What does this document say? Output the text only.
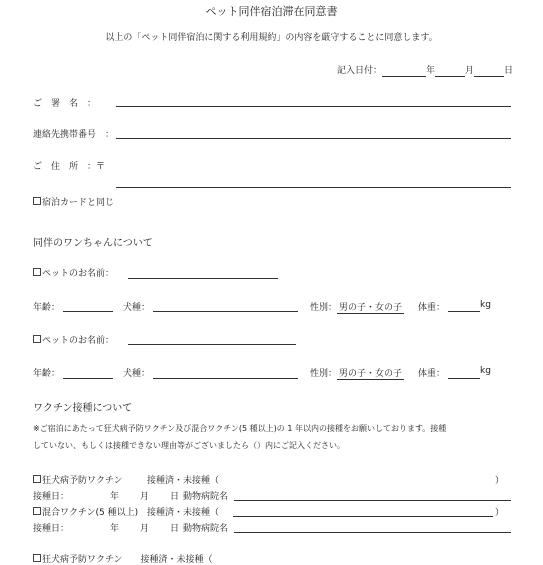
ペット同伴宿泊滞在同意書
以上の「ペット同伴宿泊に関する利用規約」の内容を厳守することに同意します。
記入日付：	年	月	日
ご　署　名　：
連絡先携帯番号　：
ご　住　所　：〒
宿泊カードと同じ
同伴のワンちゃんについて
ペットのお名前：
年齢：	犬種：	性別： 男の子・女の子 体重：	kg
ペットのお名前：
年齢：	犬種：	性別： 男の子・女の子 体重：	kg
ワクチン接種について
※ご宿泊にあたって狂犬病予防ワクチン及び混合ワクチン(5 種以上)の 1 年以内の接種をお願いしております。接種
していない、もしくは接種できない理由等がございましたら（）内にご記入ください。
狂犬病予防ワクチン	接種済・未接種（	）
接種日：	年 月 日 動物病院名
混合ワクチン(5 種以上) 接種済・未接種（	）
接種日：	年 月 日 動物病院名
狂犬病予防ワクチン　　接種済・未接種（
